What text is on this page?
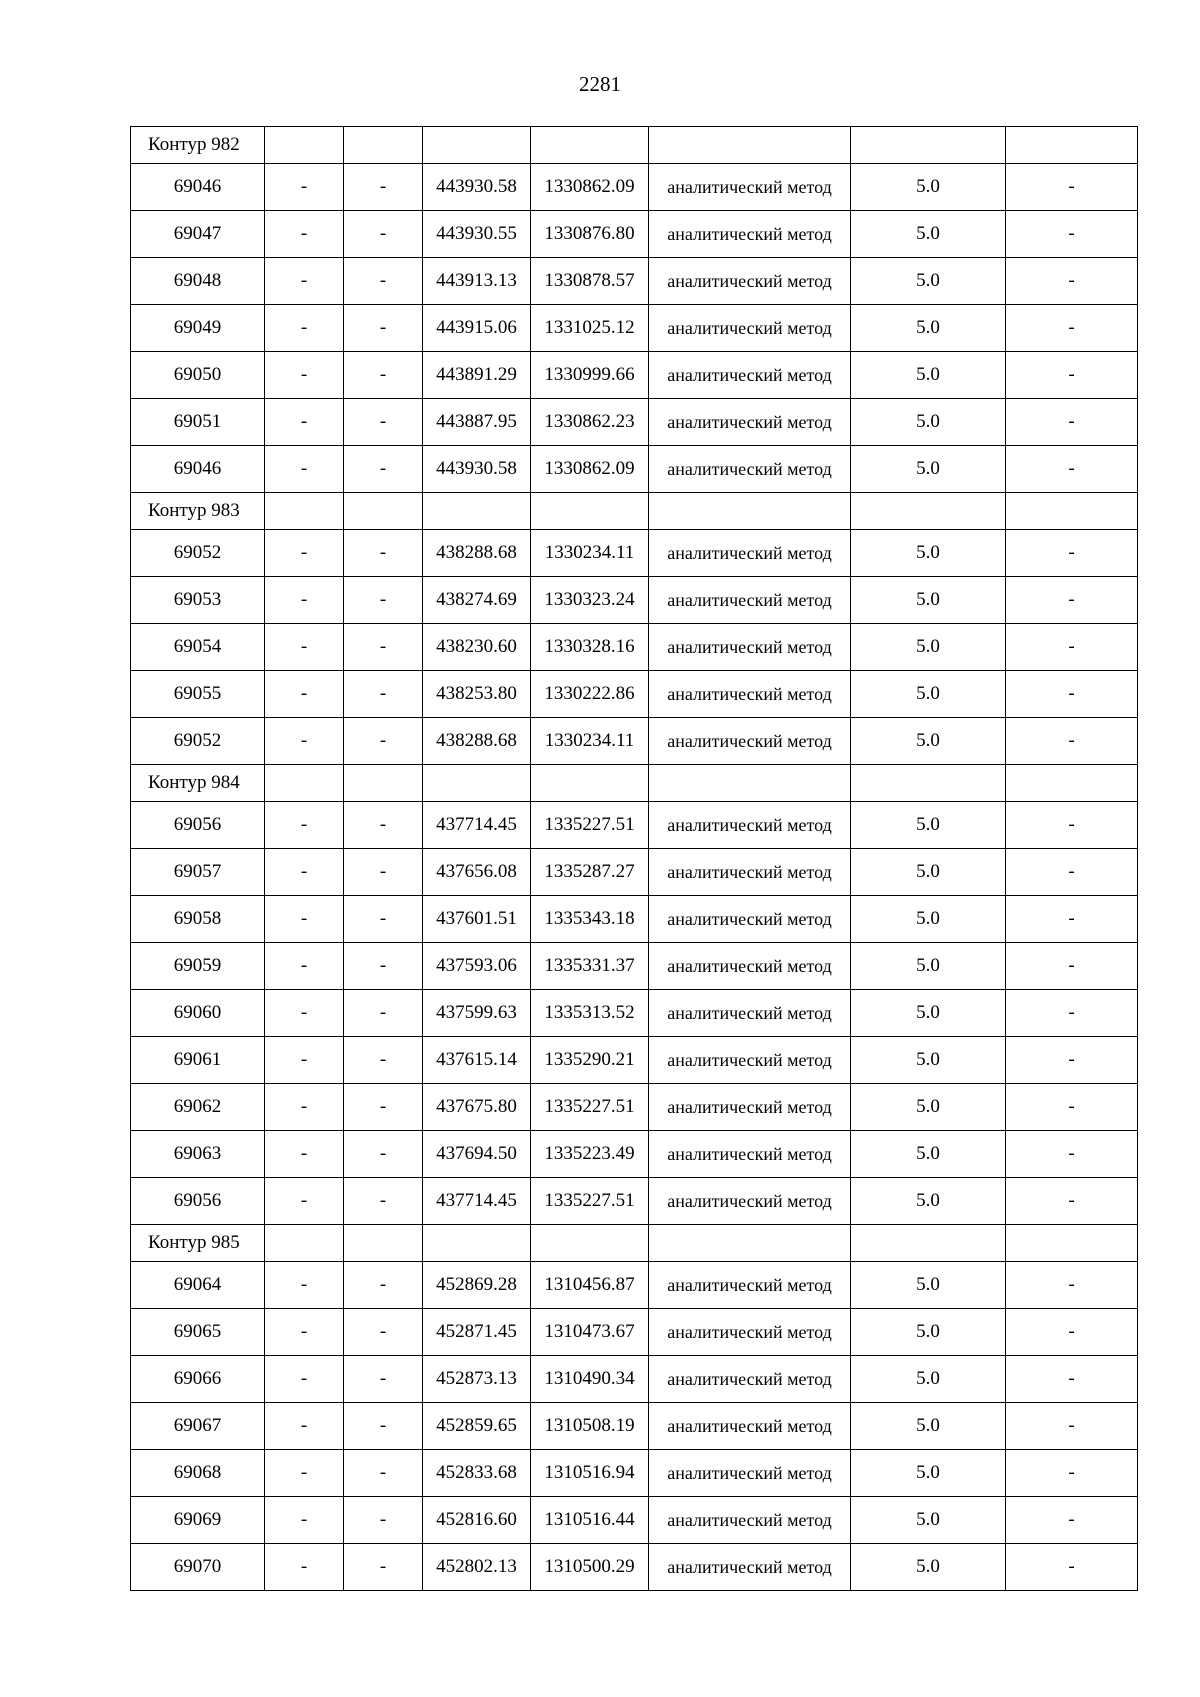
2281
Контур 982							
69046	-	-	443930.58	1330862.09	аналитический метод	5.0	-
69047	-	-	443930.55	1330876.80	аналитический метод	5.0	-
69048	-	-	443913.13	1330878.57	аналитический метод	5.0	-
69049	-	-	443915.06	1331025.12	аналитический метод	5.0	-
69050	-	-	443891.29	1330999.66	аналитический метод	5.0	-
69051	-	-	443887.95	1330862.23	аналитический метод	5.0	-
69046	-	-	443930.58	1330862.09	аналитический метод	5.0	-
Контур 983							
69052	-	-	438288.68	1330234.11	аналитический метод	5.0	-
69053	-	-	438274.69	1330323.24	аналитический метод	5.0	-
69054	-	-	438230.60	1330328.16	аналитический метод	5.0	-
69055	-	-	438253.80	1330222.86	аналитический метод	5.0	-
69052	-	-	438288.68	1330234.11	аналитический метод	5.0	-
Контур 984							
69056	-	-	437714.45	1335227.51	аналитический метод	5.0	-
69057	-	-	437656.08	1335287.27	аналитический метод	5.0	-
69058	-	-	437601.51	1335343.18	аналитический метод	5.0	-
69059	-	-	437593.06	1335331.37	аналитический метод	5.0	-
69060	-	-	437599.63	1335313.52	аналитический метод	5.0	-
69061	-	-	437615.14	1335290.21	аналитический метод	5.0	-
69062	-	-	437675.80	1335227.51	аналитический метод	5.0	-
69063	-	-	437694.50	1335223.49	аналитический метод	5.0	-
69056	-	-	437714.45	1335227.51	аналитический метод	5.0	-
Контур 985							
69064	-	-	452869.28	1310456.87	аналитический метод	5.0	-
69065	-	-	452871.45	1310473.67	аналитический метод	5.0	-
69066	-	-	452873.13	1310490.34	аналитический метод	5.0	-
69067	-	-	452859.65	1310508.19	аналитический метод	5.0	-
69068	-	-	452833.68	1310516.94	аналитический метод	5.0	-
69069	-	-	452816.60	1310516.44	аналитический метод	5.0	-
69070	-	-	452802.13	1310500.29	аналитический метод	5.0	-
